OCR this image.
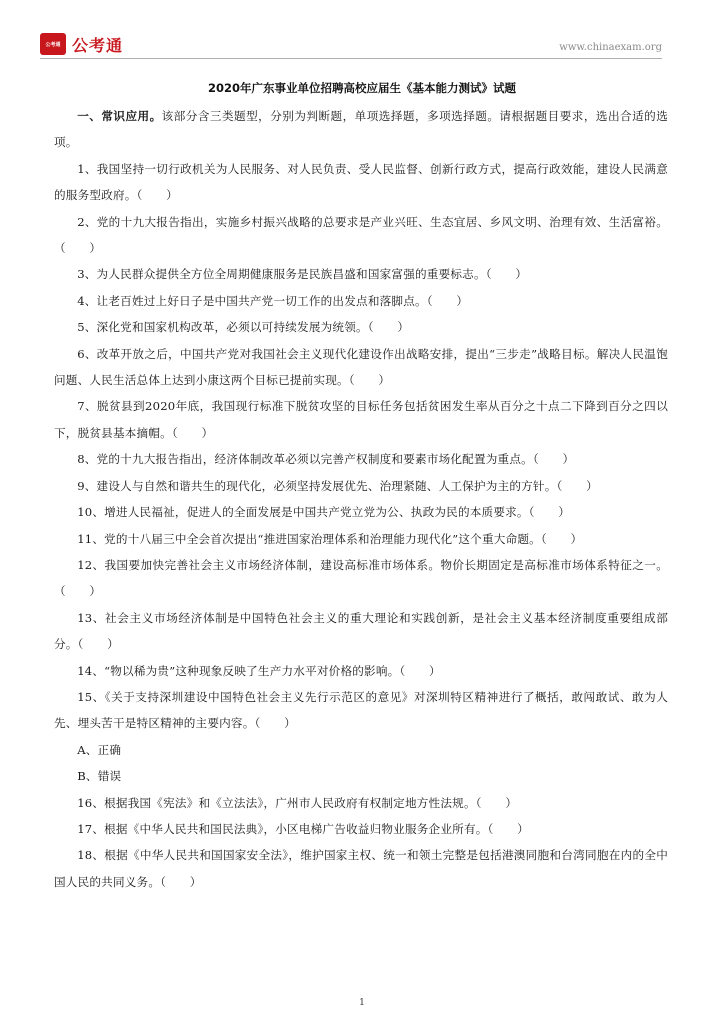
公考通 公考通	www.chinaexam.org
2020年广东事业单位招聘高校应届生《基本能力测试》试题

一、常识应用。该部分含三类题型，分别为判断题，单项选择题，多项选择题。请根据题目要求，选出合适的选项。

1、我国坚持一切行政机关为人民服务、对人民负责、受人民监督、创新行政方式，提高行政效能，建设人民满意的服务型政府。（　　）

2、党的十九大报告指出，实施乡村振兴战略的总要求是产业兴旺、生态宜居、乡风文明、治理有效、生活富裕。（　　）

3、为人民群众提供全方位全周期健康服务是民族昌盛和国家富强的重要标志。（　　）

4、让老百姓过上好日子是中国共产党一切工作的出发点和落脚点。（　　）

5、深化党和国家机构改革，必须以可持续发展为统领。（　　）

6、改革开放之后，中国共产党对我国社会主义现代化建设作出战略安排，提出“三步走”战略目标。解决人民温饱问题、人民生活总体上达到小康这两个目标已提前实现。（　　）

7、脱贫县到2020年底，我国现行标准下脱贫攻坚的目标任务包括贫困发生率从百分之十点二下降到百分之四以下，脱贫县基本摘帽。（　　）

8、党的十九大报告指出，经济体制改革必须以完善产权制度和要素市场化配置为重点。（　　）

9、建设人与自然和谐共生的现代化，必须坚持发展优先、治理紧随、人工保护为主的方针。（　　）

10、增进人民福祉，促进人的全面发展是中国共产党立党为公、执政为民的本质要求。（　　）

11、党的十八届三中全会首次提出“推进国家治理体系和治理能力现代化”这个重大命题。（　　）

12、我国要加快完善社会主义市场经济体制，建设高标准市场体系。物价长期固定是高标准市场体系特征之一。（　　）

13、社会主义市场经济体制是中国特色社会主义的重大理论和实践创新，是社会主义基本经济制度重要组成部分。（　　）

14、“物以稀为贵”这种现象反映了生产力水平对价格的影响。（　　）

15、《关于支持深圳建设中国特色社会主义先行示范区的意见》对深圳特区精神进行了概括，敢闯敢试、敢为人先、埋头苦干是特区精神的主要内容。（　　）

A、正确

B、错误

16、根据我国《宪法》和《立法法》，广州市人民政府有权制定地方性法规。（　　）

17、根据《中华人民共和国民法典》，小区电梯广告收益归物业服务企业所有。（　　）

18、根据《中华人民共和国国家安全法》，维护国家主权、统一和领土完整是包括港澳同胞和台湾同胞在内的全中国人民的共同义务。（　　）

1
